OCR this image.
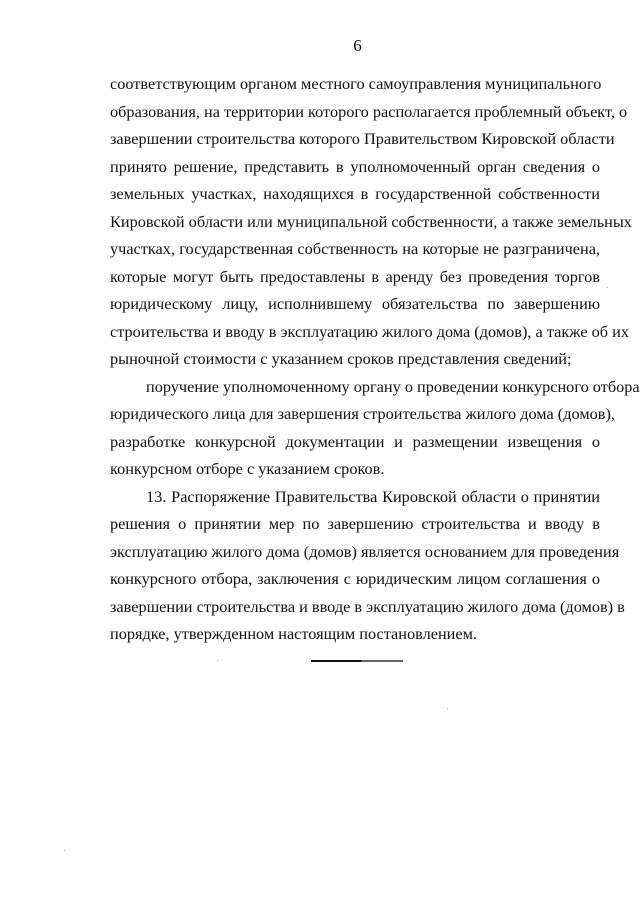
6
соответствующим органом местного самоуправления муниципального
образования, на территории которого располагается проблемный объект, о
завершении строительства которого Правительством Кировской области
принято решение, представить в уполномоченный орган сведения о
земельных участках, находящихся в государственной собственности
Кировской области или муниципальной собственности, а также земельных
участках, государственная собственность на которые не разграничена,
которые могут быть предоставлены в аренду без проведения торгов
юридическому лицу, исполнившему обязательства по завершению
строительства и вводу в эксплуатацию жилого дома (домов), а также об их
рыночной стоимости с указанием сроков представления сведений;
поручение уполномоченному органу о проведении конкурсного отбора
юридического лица для завершения строительства жилого дома (домов),
разработке конкурсной документации и размещении извещения о
конкурсном отборе с указанием сроков.
13. Распоряжение Правительства Кировской области о принятии
решения о принятии мер по завершению строительства и вводу в
эксплуатацию жилого дома (домов) является основанием для проведения
конкурсного отбора, заключения с юридическим лицом соглашения о
завершении строительства и вводе в эксплуатацию жилого дома (домов) в
порядке, утвержденном настоящим постановлением.
